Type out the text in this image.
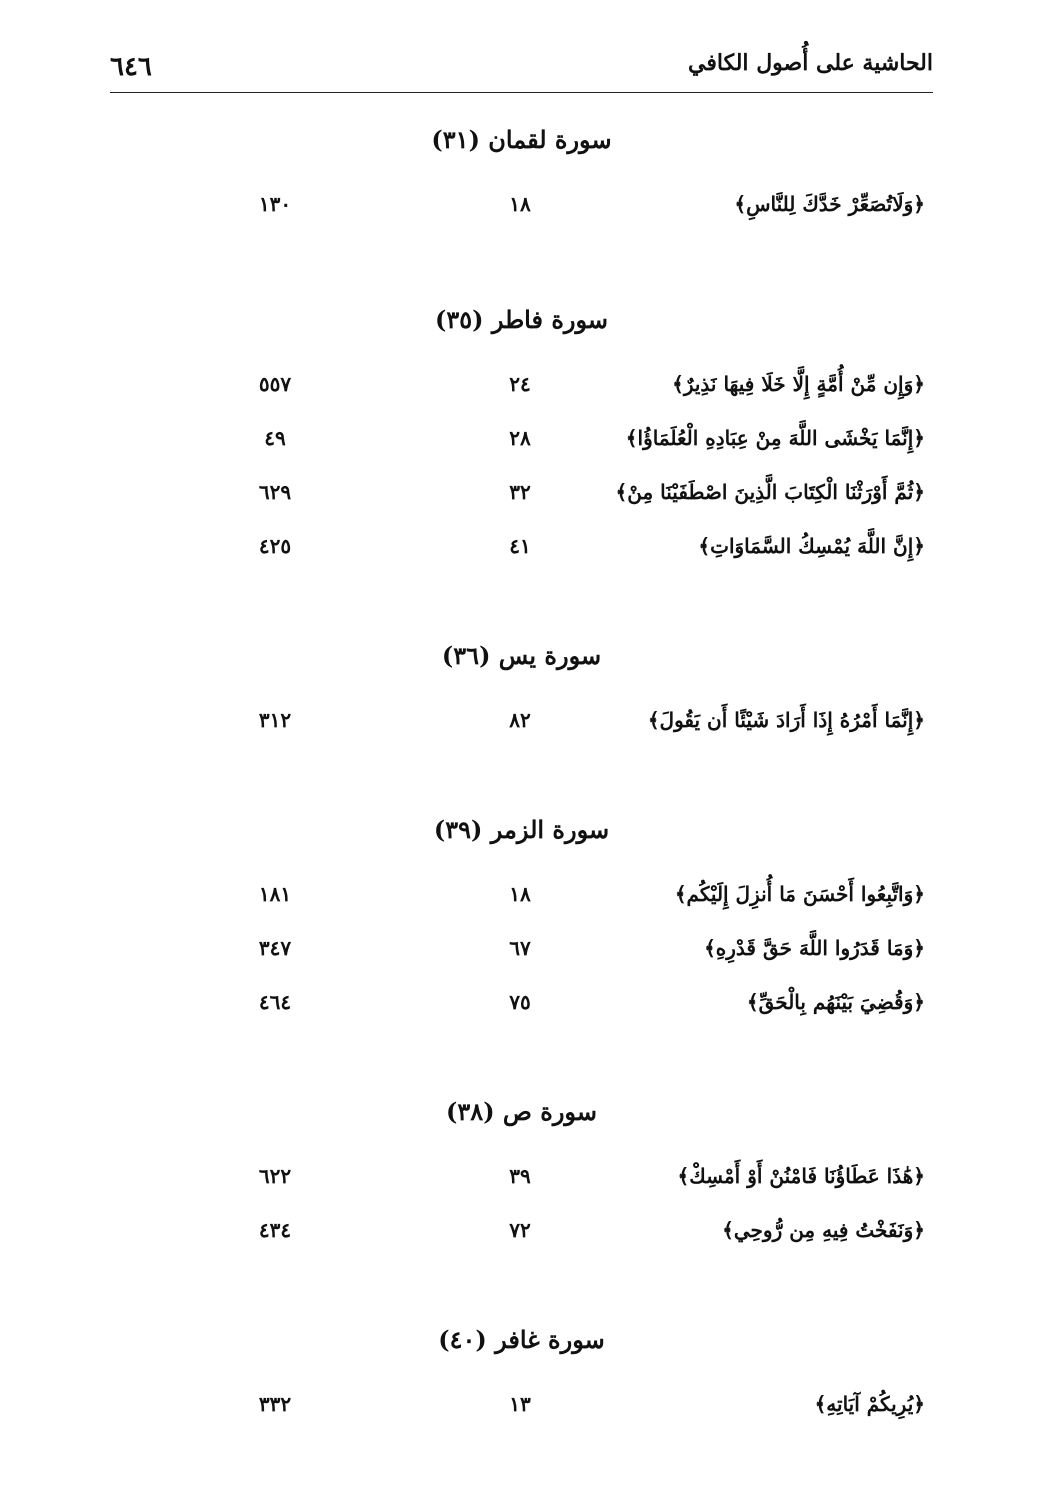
٦٤٦	الحاشية على أُصول الكافي
سورة لقمان (٣١)
﴿وَلَاتُصَعِّرْ خَدَّكَ لِلنَّاسِ﴾
١٨
١٣٠
سورة فاطر (٣٥)
﴿وَإِن مِّنْ أُمَّةٍ إِلَّا خَلَا فِيهَا نَذِيرٌ﴾
٢٤
٥٥٧
﴿إِنَّمَا يَخْشَى اللَّهَ مِنْ عِبَادِهِ الْعُلَمَاؤُا﴾
٢٨
٤٩
﴿ثُمَّ أَوْرَثْنَا الْكِتَابَ الَّذِينَ اصْطَفَيْنَا مِنْ﴾
٣٢
٦٢٩
﴿إِنَّ اللَّهَ يُمْسِكُ السَّمَاوَاتِ﴾
٤١
٤٢٥
سورة يس (٣٦)
﴿إِنَّمَا أَمْرُهُ إِذَا أَرَادَ شَيْئًا أَن يَقُولَ﴾
٨٢
٣١٢
سورة الزمر (٣٩)
﴿وَاتَّبِعُوا أَحْسَنَ مَا أُنزِلَ إِلَيْكُم﴾
١٨
١٨١
﴿وَمَا قَدَرُوا اللَّهَ حَقَّ قَدْرِهِ﴾
٦٧
٣٤٧
﴿وَقُضِيَ بَيْنَهُم بِالْحَقِّ﴾
٧٥
٤٦٤
سورة ص (٣٨)
﴿هَٰذَا عَطَاؤُنَا فَامْنُنْ أَوْ أَمْسِكْ﴾
٣٩
٦٢٢
﴿وَنَفَخْتُ فِيهِ مِن رُّوحِي﴾
٧٢
٤٣٤
سورة غافر (٤٠)
﴿يُرِيكُمْ آيَاتِهِ﴾
١٣
٣٣٢
